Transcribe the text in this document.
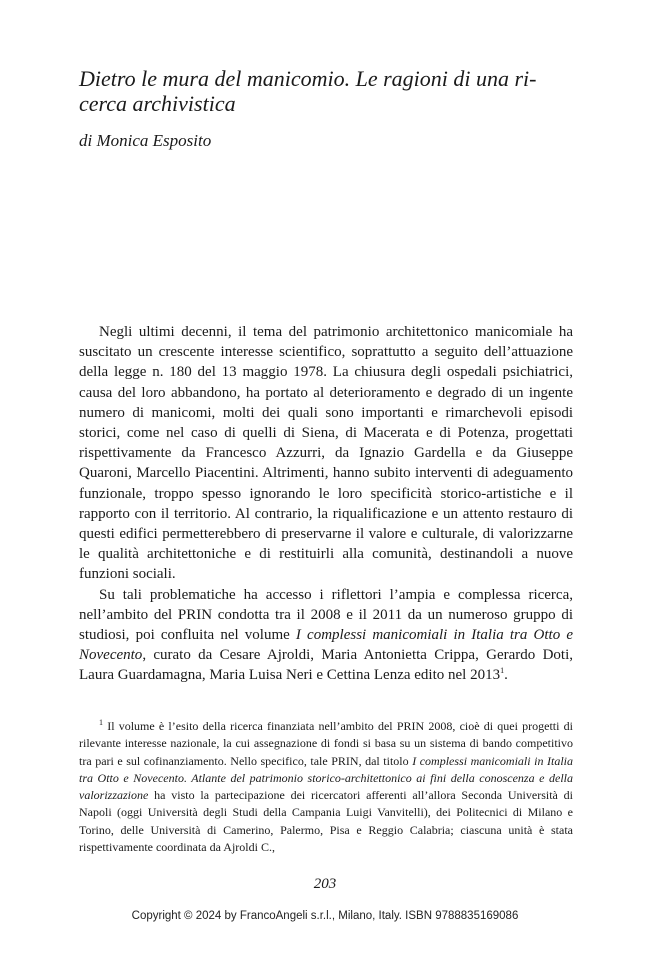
Dietro le mura del manicomio. Le ragioni di una ri-
cerca archivistica
di Monica Esposito

Negli ultimi decenni, il tema del patrimonio architettonico manicomiale ha suscitato un crescente interesse scientifico, soprattutto a seguito dell’attuazione della legge n. 180 del 13 maggio 1978. La chiusura degli ospedali psichiatrici, causa del loro abbandono, ha portato al deterioramento e degrado di un ingente numero di manicomi, molti dei quali sono importanti e rimarchevoli episodi storici, come nel caso di quelli di Siena, di Macerata e di Potenza, progettati rispettivamente da Francesco Azzurri, da Ignazio Gardella e da Giuseppe Quaroni, Marcello Piacentini. Altrimenti, hanno subito interventi di adeguamento funzionale, troppo spesso ignorando le loro specificità storico-artistiche e il rapporto con il territorio. Al contrario, la riqualificazione e un attento restauro di questi edifici permetterebbero di preservarne il valore e culturale, di valorizzarne le qualità architettoniche e di restituirli alla comunità, destinandoli a nuove funzioni sociali.

Su tali problematiche ha accesso i riflettori l’ampia e complessa ricerca, nell’ambito del PRIN condotta tra il 2008 e il 2011 da un numeroso gruppo di studiosi, poi confluita nel volume I complessi manicomiali in Italia tra Otto e Novecento, curato da Cesare Ajroldi, Maria Antonietta Crippa, Gerardo Doti, Laura Guardamagna, Maria Luisa Neri e Cettina Lenza edito nel 2013$^1$.

$^1$ Il volume è l’esito della ricerca finanziata nell’ambito del PRIN 2008, cioè di quei progetti di rilevante interesse nazionale, la cui assegnazione di fondi si basa su un sistema di bando competitivo tra pari e sul cofinanziamento. Nello specifico, tale PRIN, dal titolo I complessi manicomiali in Italia tra Otto e Novecento. Atlante del patrimonio storico-architettonico ai fini della conoscenza e della valorizzazione ha visto la partecipazione dei ricercatori afferenti all’allora Seconda Università di Napoli (oggi Università degli Studi della Campania Luigi Vanvitelli), dei Politecnici di Milano e Torino, delle Università di Camerino, Palermo, Pisa e Reggio Calabria; ciascuna unità è stata rispettivamente coordinata da Ajroldi C.,

203
Copyright © 2024 by FrancoAngeli s.r.l., Milano, Italy. ISBN 9788835169086
